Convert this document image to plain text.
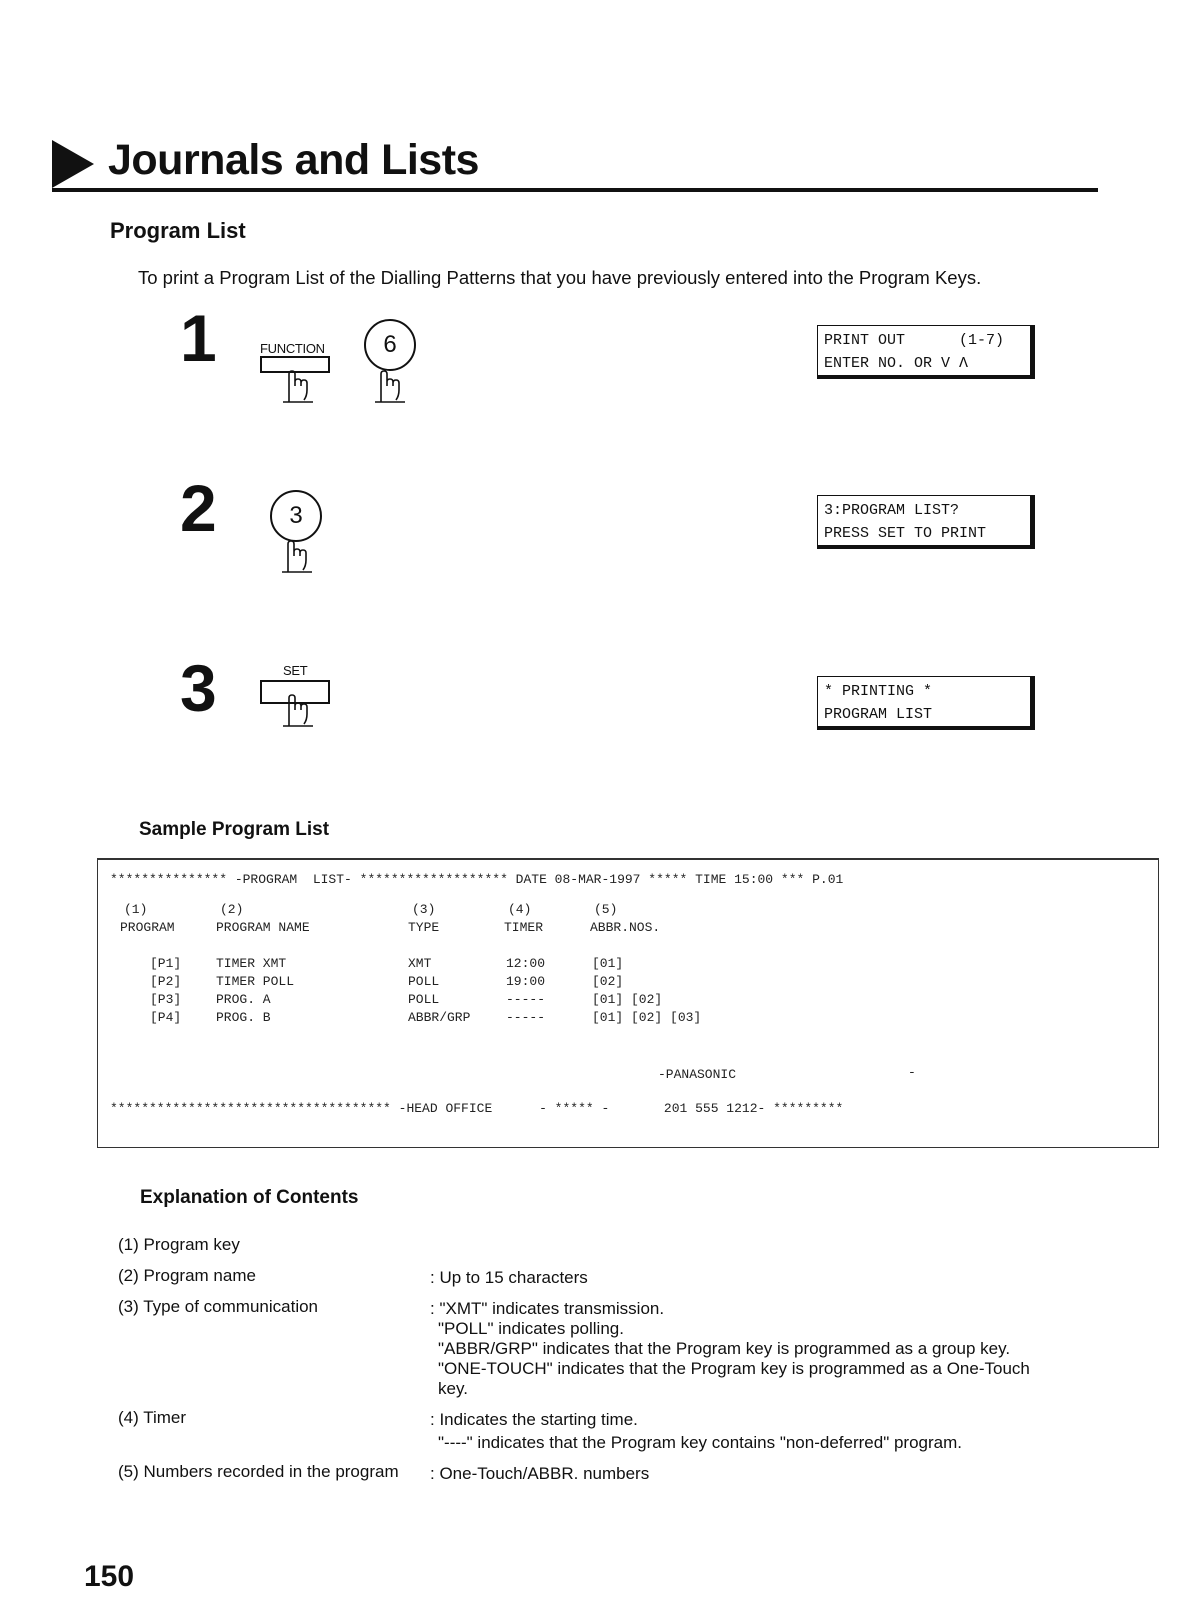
Journals and Lists
Program List
To print a Program List of the Dialling Patterns that you have previously entered into the Program Keys.
1	FUNCTION	6	PRINT OUT      (1-7)
ENTER NO. OR V Λ
2	3	3:PROGRAM LIST?
PRESS SET TO PRINT
3	SET
* PRINTING *
PROGRAM LIST
Sample Program List
*************** -PROGRAM  LIST- ******************* DATE 08-MAR-1997 ***** TIME 15:00 *** P.01
(1)	(2)	(3)	(4)	(5)
PROGRAM	PROGRAM NAME	TYPE	TIMER	ABBR.NOS.
[P1]	TIMER XMT	XMT	12:00	[01]
[P2]	TIMER POLL	POLL	19:00	[02]
[P3]	PROG. A	POLL	-----	[01] [02]
[P4]	PROG. B	ABBR/GRP	-----	[01] [02] [03]
-PANASONIC	-
************************************ -HEAD OFFICE      - ***** -       201 555 1212- *********
Explanation of Contents
(1) Program key
(2) Program name	: Up to 15 characters
(3) Type of communication	: "XMT" indicates transmission.
"POLL" indicates polling.
"ABBR/GRP" indicates that the Program key is programmed as a group key.
"ONE-TOUCH" indicates that the Program key is programmed as a One-Touch
key.
(4) Timer	: Indicates the starting time.
"----" indicates that the Program key contains "non-deferred" program.
(5) Numbers recorded in the program : One-Touch/ABBR. numbers
150
